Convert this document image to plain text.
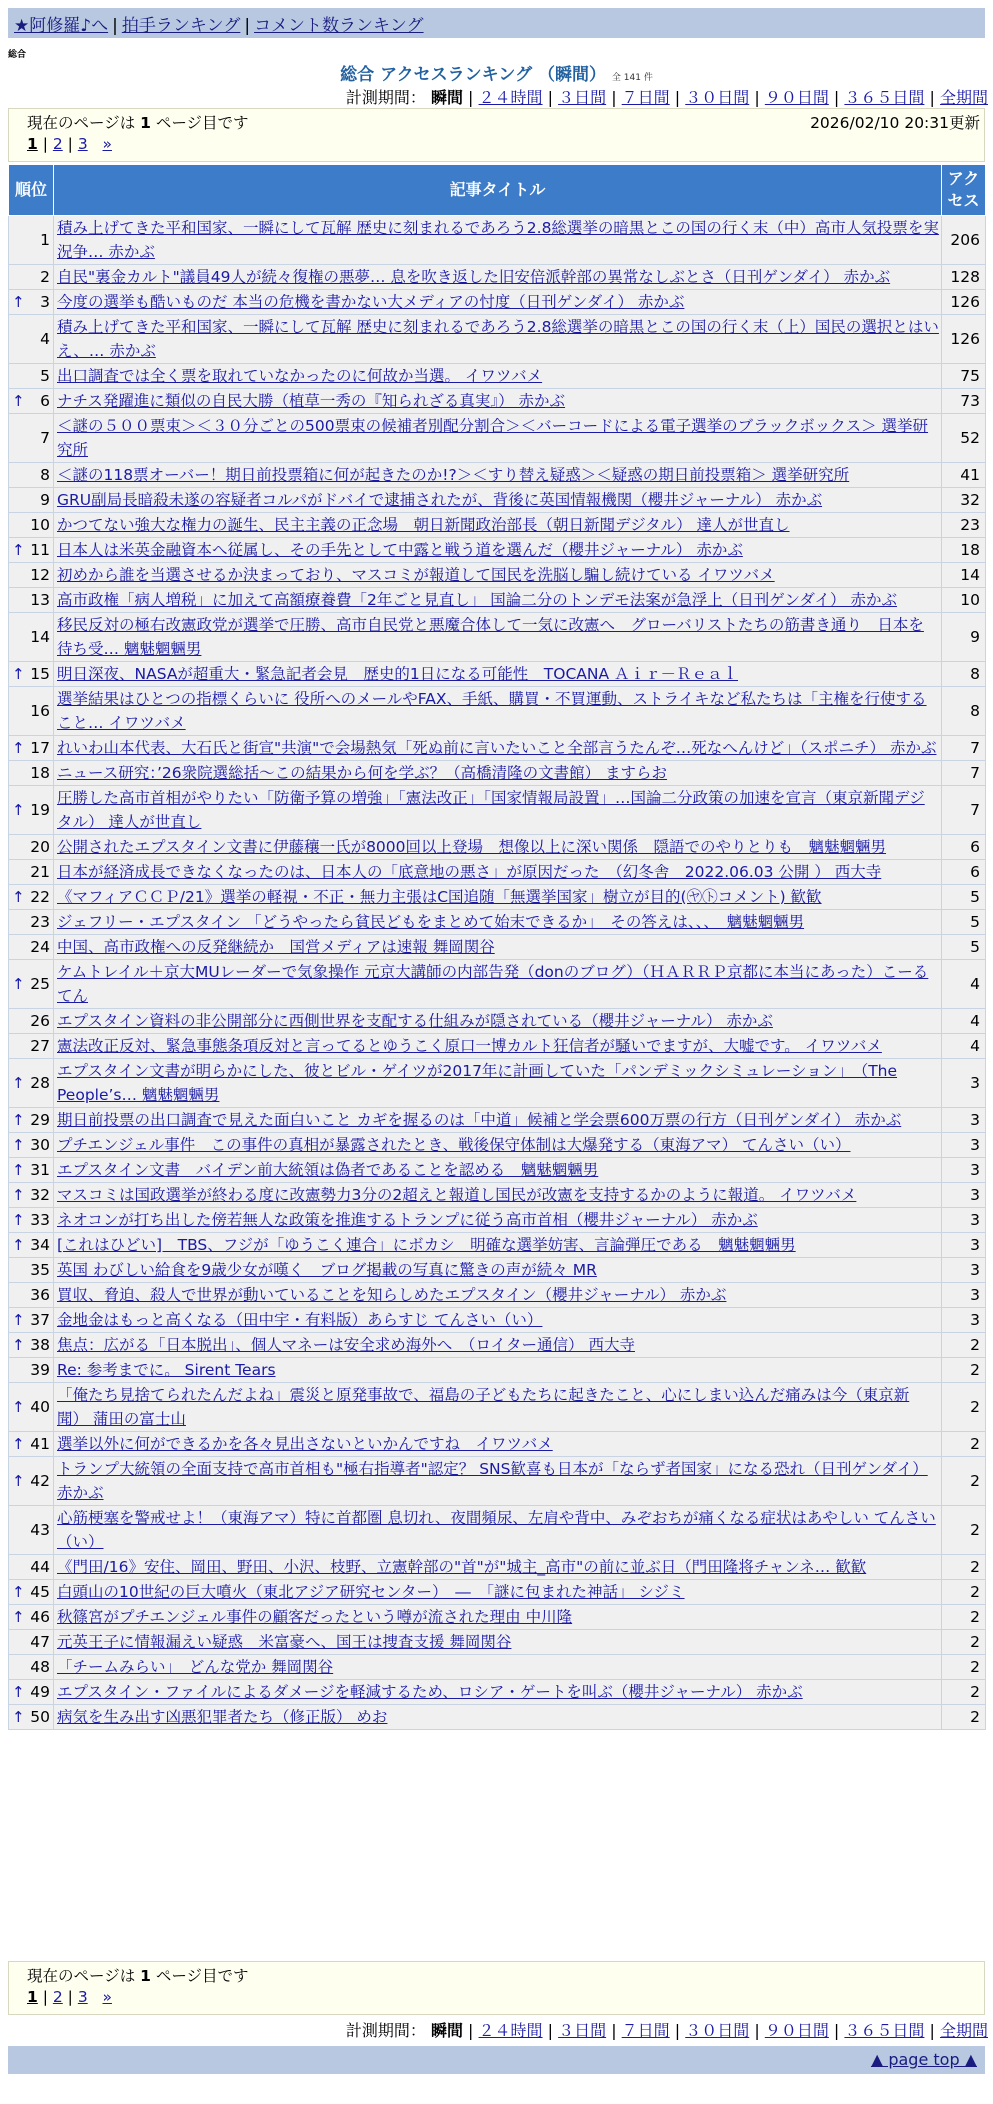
★阿修羅♪へ | 拍手ランキング | コメント数ランキング
総合
総合 アクセスランキング （瞬間） 全 141 件
計測期間： 瞬間 | ２４時間 | ３日間 | ７日間 | ３０日間 | ９０日間 | ３６５日間 | 全期間
現在のページは 1 ページ目です	2026/02/10 20:31更新
1 | 2 | 3 »
順位	記事タイトル	アクセス
1	積み上げてきた平和国家、一瞬にして瓦解 歴史に刻まれるであろう2.8総選挙の暗黒とこの国の行く末（中）高市人気投票を実況争… 赤かぶ	206
2	自民"裏金カルト"議員49人が続々復権の悪夢… 息を吹き返した旧安倍派幹部の異常なしぶとさ（日刊ゲンダイ） 赤かぶ	128

↑ 3	今度の選挙も酷いものだ 本当の危機を書かない大メディアの忖度（日刊ゲンダイ） 赤かぶ	126
4	積み上げてきた平和国家、一瞬にして瓦解 歴史に刻まれるであろう2.8総選挙の暗黒とこの国の行く末（上）国民の選択とはいえ、… 赤かぶ	126
5	出口調査では全く票を取れていなかったのに何故か当選。 イワツバメ	75

↑ 6	ナチス発躍進に類似の自民大勝（植草一秀の『知られざる真実』） 赤かぶ	73
7	＜謎の５００票束＞＜３０分ごとの500票束の候補者別配分割合＞＜バーコードによる電子選挙のブラックボックス＞ 選挙研究所	52
8	＜謎の118票オーバー！期日前投票箱に何が起きたのか!?＞＜すり替え疑惑＞＜疑惑の期日前投票箱＞ 選挙研究所	41
9	GRU副局長暗殺未遂の容疑者コルパがドバイで逮捕されたが、背後に英国情報機関（櫻井ジャーナル） 赤かぶ	32
10	かつてない強大な権力の誕生、民主主義の正念場　朝日新聞政治部長（朝日新聞デジタル） 達人が世直し	23

↑ 11	日本人は米英金融資本へ従属し、その手先として中露と戦う道を選んだ（櫻井ジャーナル） 赤かぶ	18
12	初めから誰を当選させるか決まっており、マスコミが報道して国民を洗脳し騙し続けている イワツバメ	14
13	高市政権「病人増税」に加えて高額療養費「2年ごと見直し」 国論二分のトンデモ法案が急浮上（日刊ゲンダイ） 赤かぶ	10
14	移民反対の極右改憲政党が選挙で圧勝、高市自民党と悪魔合体して一気に改憲へ　グローバリストたちの筋書き通り　日本を待ち受… 魑魅魍魎男	9

↑ 15	明日深夜、NASAが超重大・緊急記者会見　歴史的1日になる可能性　TOCANA Ａｉｒ－Ｒｅａｌ	8
16	選挙結果はひとつの指標くらいに 役所へのメールやFAX、手紙、購買・不買運動、ストライキなど私たちは「主権を行使すること… イワツバメ	8

↑ 17	れいわ山本代表、大石氏と街宣"共演"で会場熱気「死ぬ前に言いたいこと全部言うたんぞ…死なへんけど」（スポニチ） 赤かぶ	7
18	ニュース研究：’26衆院選総括～この結果から何を学ぶ？（高橋清隆の文書館） ますらお	7

↑ 19	圧勝した高市首相がやりたい「防衛予算の増強」「憲法改正」「国家情報局設置」…国論二分政策の加速を宣言（東京新聞デジタル） 達人が世直し	7
20	公開されたエプスタイン文書に伊藤穰一氏が8000回以上登場　想像以上に深い関係　隠語でのやりとりも　魑魅魍魎男	6
21	日本が経済成長できなくなったのは、日本人の「底意地の悪さ」が原因だった　（幻冬舎　2022.06.03 公開 ） 西大寺	6

↑ 22	《マフィアＣＣＰ/21》選挙の軽視・不正・無力主張はC国追随「無選挙国家」樹立が目的(㋳㋣コメント) 歓歓	5
23	ジェフリー・エプスタイン 「どうやったら貧民どもをまとめて始末できるか」　その答えは、、、　魑魅魍魎男	5
24	中国、高市政権への反発継続か　国営メディアは速報 舞岡関谷	5

↑ 25	ケムトレイル＋京大MUレーダーで気象操作 元京大講師の内部告発（donのブログ）（ＨＡＲＲＰ京都に本当にあった）こーるてん	4
26	エプスタイン資料の非公開部分に西側世界を支配する仕組みが隠されている（櫻井ジャーナル） 赤かぶ	4
27	憲法改正反対、緊急事態条項反対と言ってるとゆうこく原口一博カルト狂信者が騒いでますが、大嘘です。 イワツバメ	4

↑ 28	エプスタイン文書が明らかにした、彼とビル・ゲイツが2017年に計画していた「パンデミックシミュレーション」　（The People’s… 魑魅魍魎男	3

↑ 29	期日前投票の出口調査で見えた面白いこと カギを握るのは「中道」候補と学会票600万票の行方（日刊ゲンダイ） 赤かぶ	3

↑ 30	プチエンジェル事件　この事件の真相が暴露されたとき、戦後保守体制は大爆発する（東海アマ） てんさい（い）	3

↑ 31	エプスタイン文書　バイデン前大統領は偽者であることを認める　魑魅魍魎男	3

↑ 32	マスコミは国政選挙が終わる度に改憲勢力3分の2超えと報道し国民が改憲を支持するかのように報道。 イワツバメ	3

↑ 33	ネオコンが打ち出した傍若無人な政策を推進するトランプに従う高市首相（櫻井ジャーナル） 赤かぶ	3

↑ 34	[これはひどい]　TBS、フジが「ゆうこく連合」にボカシ　明確な選挙妨害、言論弾圧である　魑魅魍魎男	3
35	英国 わびしい給食を9歳少女が嘆く　ブログ掲載の写真に驚きの声が続々 MR	3
36	買収、脅迫、殺人で世界が動いていることを知らしめたエプスタイン（櫻井ジャーナル） 赤かぶ	3

↑ 37	金地金はもっと高くなる（田中宇・有料版）あらすじ てんさい（い）	3

↑ 38	焦点：広がる「日本脱出」、個人マネーは安全求め海外へ　（ロイター通信） 西大寺	2
39	Re: 参考までに。 Sirent Tears	2

↑ 40	「俺たち見捨てられたんだよね」震災と原発事故で、福島の子どもたちに起きたこと、心にしまい込んだ痛みは今（東京新聞） 蒲田の富士山	2

↑ 41	選挙以外に何ができるかを各々見出さないといかんですね　イワツバメ	2

↑ 42	トランプ大統領の全面支持で高市首相も"極右指導者"認定？ SNS歓喜も日本が「ならず者国家」になる恐れ（日刊ゲンダイ） 赤かぶ	2
43	心筋梗塞を警戒せよ！（東海アマ）特に首都圏 息切れ、夜間頻尿、左肩や背中、みぞおちが痛くなる症状はあやしい てんさい（い）	2
44	《門田/16》安住、岡田、野田、小沢、枝野、立憲幹部の"首"が"城主_高市"の前に並ぶ日（門田隆将チャンネ… 歓歓	2

↑ 45	白頭山の10世紀の巨大噴火（東北アジア研究センター）　―　「謎に包まれた神話」 シジミ	2

↑ 46	秋篠宮がプチエンジェル事件の顧客だったという噂が流された理由 中川隆	2
47	元英王子に情報漏えい疑惑　米富豪へ、国王は捜査支援 舞岡関谷	2
48	「チームみらい」　どんな党か 舞岡関谷	2

↑ 49	エプスタイン・ファイルによるダメージを軽減するため、ロシア・ゲートを叫ぶ（櫻井ジャーナル） 赤かぶ	2

↑ 50	病気を生み出す凶悪犯罪者たち（修正版） めお	2
現在のページは 1 ページ目です
1 | 2 | 3 »
計測期間： 瞬間 | ２４時間 | ３日間 | ７日間 | ３０日間 | ９０日間 | ３６５日間 | 全期間
▲ page top ▲
